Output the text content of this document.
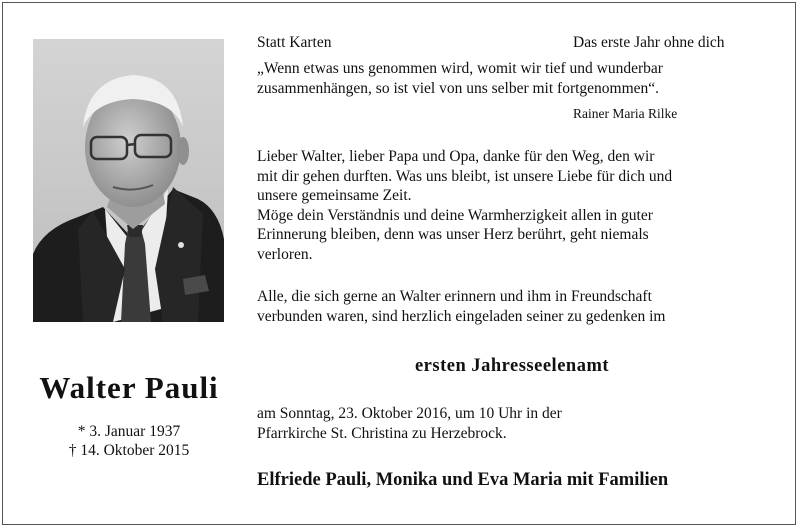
Walter Pauli
* 3. Januar 1937
† 14. Oktober 2015
Statt Karten	Das erste Jahr ohne dich
„Wenn etwas uns genommen wird, womit wir tief und wunderbar
zusammenhängen, so ist viel von uns selber mit fortgenommen“.
Rainer Maria Rilke
Lieber Walter, lieber Papa und Opa, danke für den Weg, den wir
mit dir gehen durften. Was uns bleibt, ist unsere Liebe für dich und
unsere gemeinsame Zeit.
Möge dein Verständnis und deine Warmherzigkeit allen in guter
Erinnerung bleiben, denn was unser Herz berührt, geht niemals
verloren.
Alle, die sich gerne an Walter erinnern und ihm in Freundschaft
verbunden waren, sind herzlich eingeladen seiner zu gedenken im
ersten Jahresseelenamt
am Sonntag, 23. Oktober 2016, um 10 Uhr in der
Pfarrkirche St. Christina zu Herzebrock.
Elfriede Pauli, Monika und Eva Maria mit Familien
